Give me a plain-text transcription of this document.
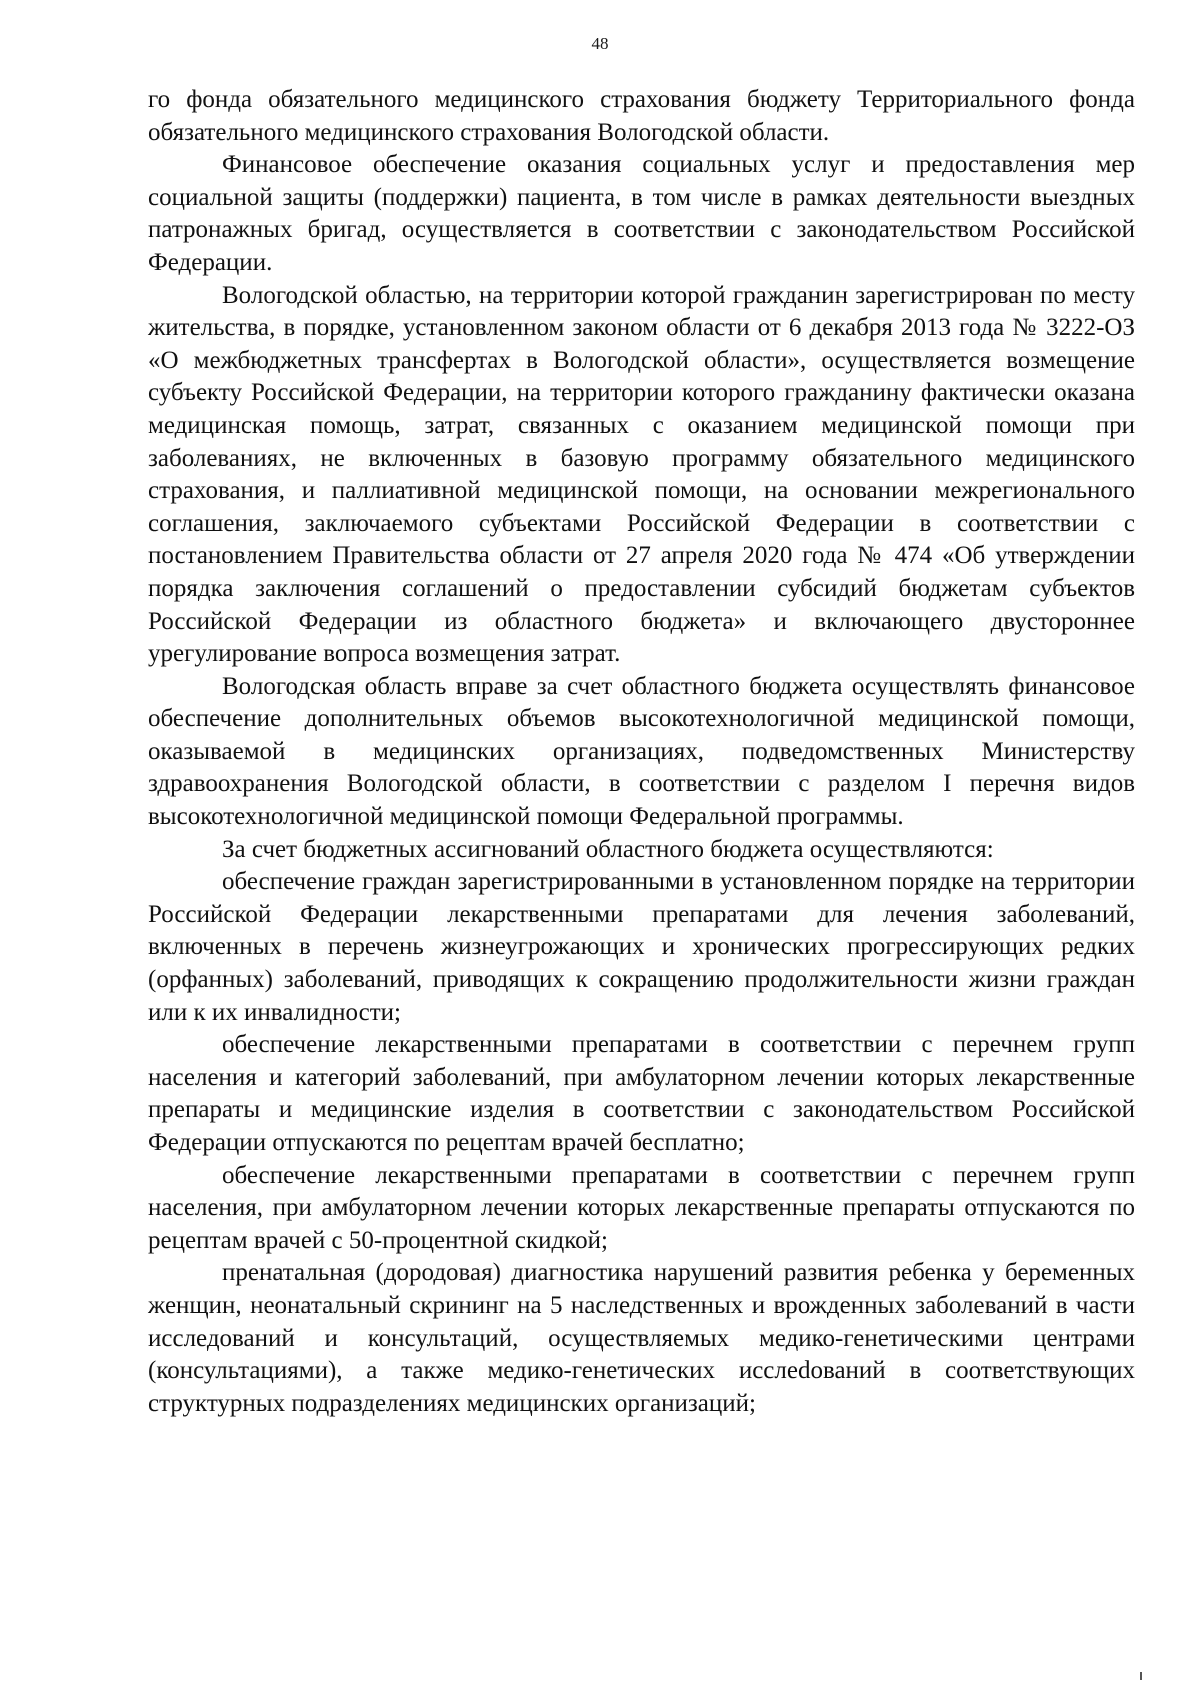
48

го фонда обязательного медицинского страхования бюджету Территориального фонда обязательного медицинского страхования Вологодской области.

Финансовое обеспечение оказания социальных услуг и предоставления мер социальной защиты (поддержки) пациента, в том числе в рамках деятельности выездных патронажных бригад, осуществляется в соответствии с законодательством Российской Федерации.

Вологодской областью, на территории которой гражданин зарегистрирован по месту жительства, в порядке, установленном законом области от 6 декабря 2013 года № 3222-ОЗ «О межбюджетных трансфертах в Вологодской области», осуществляется возмещение субъекту Российской Федерации, на территории которого гражданину фактически оказана медицинская помощь, затрат, связанных с оказанием медицинской помощи при заболеваниях, не включенных в базовую программу обязательного медицинского страхования, и паллиативной медицинской помощи, на основании межрегионального соглашения, заключаемого субъектами Российской Федерации в соответствии с постановлением Правительства области от 27 апреля 2020 года № 474 «Об утверждении порядка заключения соглашений о предоставлении субсидий бюджетам субъектов Российской Федерации из областного бюджета» и включающего двустороннее урегулирование вопроса возмещения затрат.

Вологодская область вправе за счет областного бюджета осуществлять финансовое обеспечение дополнительных объемов высокотехнологичной медицинской помощи, оказываемой в медицинских организациях, подведомственных Министерству здравоохранения Вологодской области, в соответствии с разделом I перечня видов высокотехнологичной медицинской помощи Федеральной программы.

За счет бюджетных ассигнований областного бюджета осуществляются:

обеспечение граждан зарегистрированными в установленном порядке на территории Российской Федерации лекарственными препаратами для лечения заболеваний, включенных в перечень жизнеугрожающих и хронических прогрессирующих редких (орфанных) заболеваний, приводящих к сокращению продолжительности жизни граждан или к их инвалидности;

обеспечение лекарственными препаратами в соответствии с перечнем групп населения и категорий заболеваний, при амбулаторном лечении которых лекарственные препараты и медицинские изделия в соответствии с законодательством Российской Федерации отпускаются по рецептам врачей бесплатно;

обеспечение лекарственными препаратами в соответствии с перечнем групп населения, при амбулаторном лечении которых лекарственные препараты отпускаются по рецептам врачей с 50-процентной скидкой;

пренатальная (дородовая) диагностика нарушений развития ребенка у беременных женщин, неонатальный скрининг на 5 наследственных и врожденных заболеваний в части исследований и консультаций, осуществляемых медико-генетическими центрами (консультациями), а также медико-генетических исслеdований в соответствующих структурных подразделениях медицинских организаций;
